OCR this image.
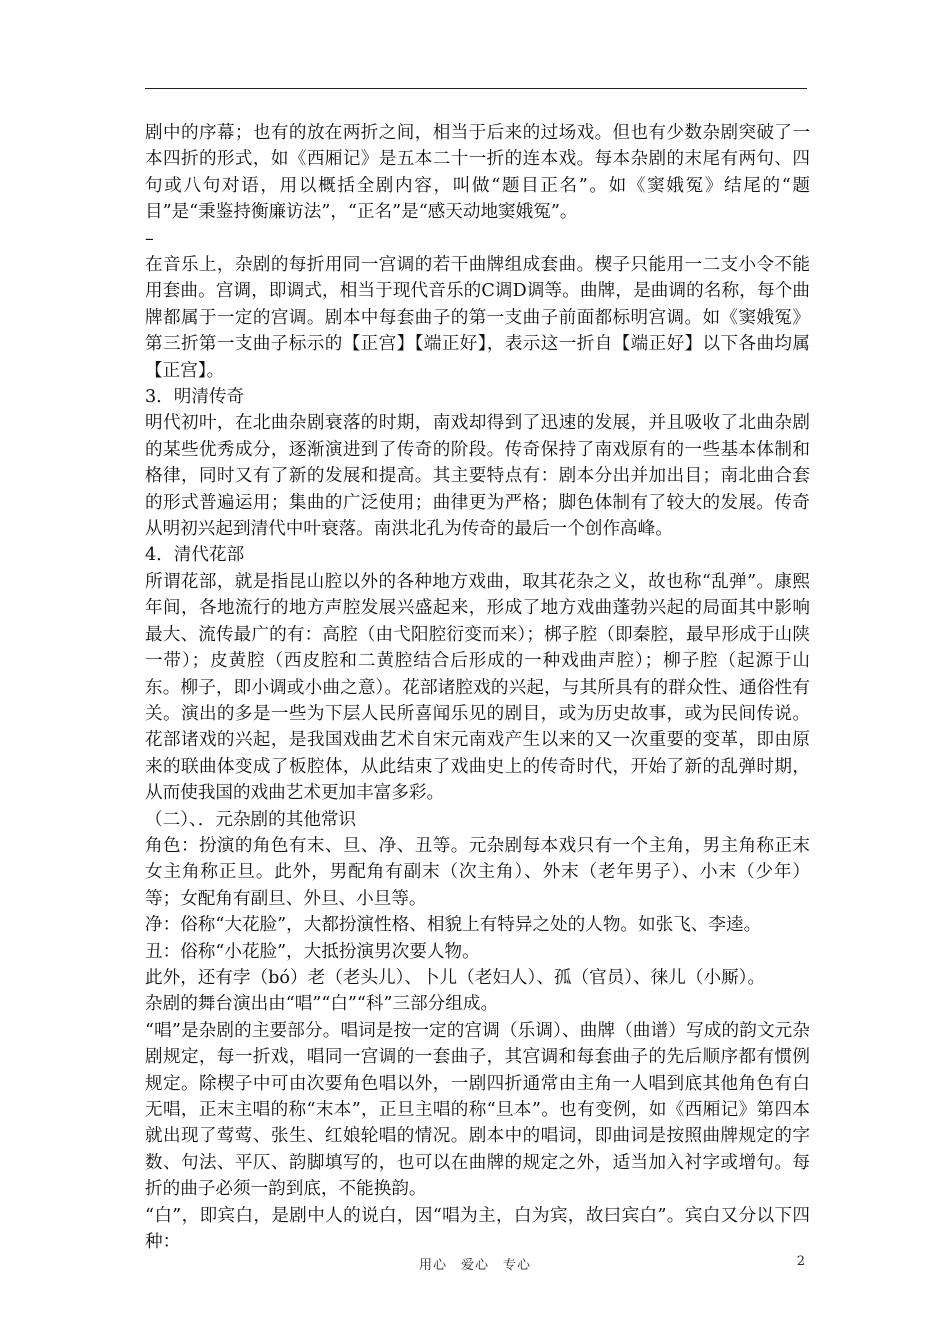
剧中的序幕；也有的放在两折之间，相当于后来的过场戏。但也有少数杂剧突破了一本四折的形式，如《西厢记》是五本二十一折的连本戏。每本杂剧的末尾有两句、四句或八句对语，用以概括全剧内容，叫做“题目正名”。如《窦娥冤》结尾的“题目”是“秉鉴持衡廉访法”，“正名”是“感天动地窦娥冤”。

–

在音乐上，杂剧的每折用同一宫调的若干曲牌组成套曲。楔子只能用一二支小令不能用套曲。宫调，即调式，相当于现代音乐的C调D调等。曲牌，是曲调的名称，每个曲牌都属于一定的宫调。剧本中每套曲子的第一支曲子前面都标明宫调。如《窦娥冤》第三折第一支曲子标示的【正宫】【端正好】，表示这一折自【端正好】以下各曲均属【正宫】。

3．明清传奇

明代初叶，在北曲杂剧衰落的时期，南戏却得到了迅速的发展，并且吸收了北曲杂剧的某些优秀成分，逐渐演进到了传奇的阶段。传奇保持了南戏原有的一些基本体制和格律，同时又有了新的发展和提高。其主要特点有：剧本分出并加出目；南北曲合套的形式普遍运用；集曲的广泛使用；曲律更为严格；脚色体制有了较大的发展。传奇从明初兴起到清代中叶衰落。南洪北孔为传奇的最后一个创作高峰。

4．清代花部

所谓花部，就是指昆山腔以外的各种地方戏曲，取其花杂之义，故也称“乱弹”。康熙年间，各地流行的地方声腔发展兴盛起来，形成了地方戏曲蓬勃兴起的局面其中影响最大、流传最广的有：高腔（由弋阳腔衍变而来）；梆子腔（即秦腔，最早形成于山陕一带）；皮黄腔（西皮腔和二黄腔结合后形成的一种戏曲声腔）；柳子腔（起源于山东。柳子，即小调或小曲之意）。花部诸腔戏的兴起，与其所具有的群众性、通俗性有关。演出的多是一些为下层人民所喜闻乐见的剧目，或为历史故事，或为民间传说。花部诸戏的兴起，是我国戏曲艺术自宋元南戏产生以来的又一次重要的变革，即由原来的联曲体变成了板腔体，从此结束了戏曲史上的传奇时代，开始了新的乱弹时期，从而使我国的戏曲艺术更加丰富多彩。

（二）、．元杂剧的其他常识

角色：扮演的角色有末、旦、净、丑等。元杂剧每本戏只有一个主角，男主角称正末女主角称正旦。此外，男配角有副末（次主角）、外末（老年男子）、小末（少年）等；女配角有副旦、外旦、小旦等。

净：俗称“大花脸”，大都扮演性格、相貌上有特异之处的人物。如张飞、李逵。

丑：俗称“小花脸”，大抵扮演男次要人物。

此外，还有孛（bó）老（老头儿）、卜儿（老妇人）、孤（官员）、徕儿（小厮）。

杂剧的舞台演出由“唱”“白”“科”三部分组成。

“唱”是杂剧的主要部分。唱词是按一定的宫调（乐调）、曲牌（曲谱）写成的韵文元杂剧规定，每一折戏，唱同一宫调的一套曲子，其宫调和每套曲子的先后顺序都有惯例规定。除楔子中可由次要角色唱以外，一剧四折通常由主角一人唱到底其他角色有白无唱，正末主唱的称“末本”，正旦主唱的称“旦本”。也有变例，如《西厢记》第四本就出现了莺莺、张生、红娘轮唱的情况。剧本中的唱词，即曲词是按照曲牌规定的字数、句法、平仄、韵脚填写的，也可以在曲牌的规定之外，适当加入衬字或增句。每折的曲子必须一韵到底，不能换韵。

“白”，即宾白，是剧中人的说白，因“唱为主，白为宾，故曰宾白”。宾白又分以下四种：

用心　爱心　专心	2
